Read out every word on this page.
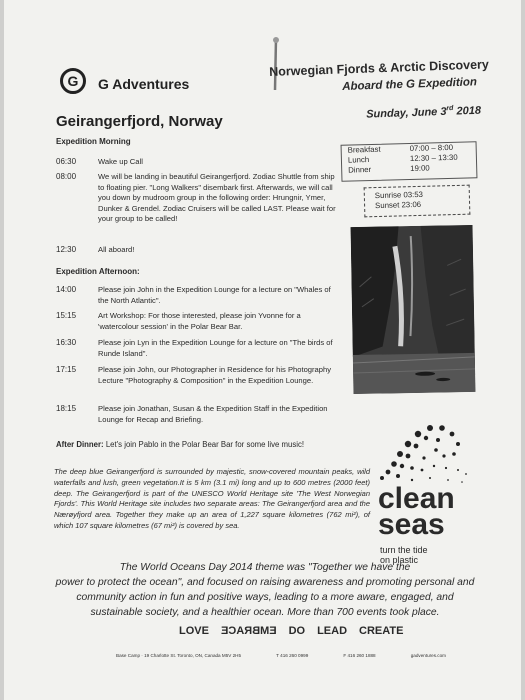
G	G Adventures
Norwegian Fjords & Arctic Discovery
Aboard the G Expedition
Geirangerfjord, Norway	Sunday, June 3rd 2018
Expedition Morning
06:30	Wake up Call
08:00	We will be landing in beautiful Geirangerfjord. Zodiac Shuttle from ship to floating pier. "Long Walkers" disembark first. Afterwards, we will call you down by mudroom group in the following order: Hrungnir, Ymer, Dunker & Grendel. Zodiac Cruisers will be called LAST. Please wait for your group to be called!
12:30	All aboard!
Expedition Afternoon:
14:00	Please join John in the Expedition Lounge for a lecture on "Whales of the North Atlantic".
15:15	Art Workshop: For those interested, please join Yvonne for a 'watercolour session' in the Polar Bear Bar.
16:30	Please join Lyn in the Expedition Lounge for a lecture on "The birds of Runde Island".
17:15	Please join John, our Photographer in Residence for his Photography Lecture "Photography & Composition" in the Expedition Lounge.
18:15	Please join Jonathan, Susan & the Expedition Staff in the Expedition Lounge for Recap and Briefing.
After Dinner: Let's join Pablo in the Polar Bear Bar for some live music!
Breakfast	07:00 – 8:00
Lunch	12:30 – 13:30
Dinner	19:00
Sunrise 03:53
Sunset 23:06
clean
seas
turn the tide
on plastic
The deep blue Geirangerfjord is surrounded by majestic, snow-covered mountain peaks, wild waterfalls and lush, green vegetation.It is 5 km (3.1 mi) long and up to 600 metres (2000 feet) deep. The Geirangerfjord is part of the UNESCO World Heritage site 'The West Norwegian Fjords'. This World Heritage site includes two separate areas: The Geirangerfjord area and the Nærøyfjord area. Together they make up an area of 1,227 square kilometres (762 mi²), of which 107 square kilometres (67 mi²) is covered by sea.
The World Oceans Day 2014 theme was "Together we have the
power to protect the ocean", and focused on raising awareness and promoting personal and community action in fun and positive ways, leading to a more aware, engaged, and sustainable society, and a healthier ocean. More than 700 events took place.
LOVE EMBRACE DO LEAD CREATE
Base Camp · 19 Charlotte St. Toronto, ON, Canada M5V 2H5	T 416 260 0999	F 416 260 1888	gadventures.com
